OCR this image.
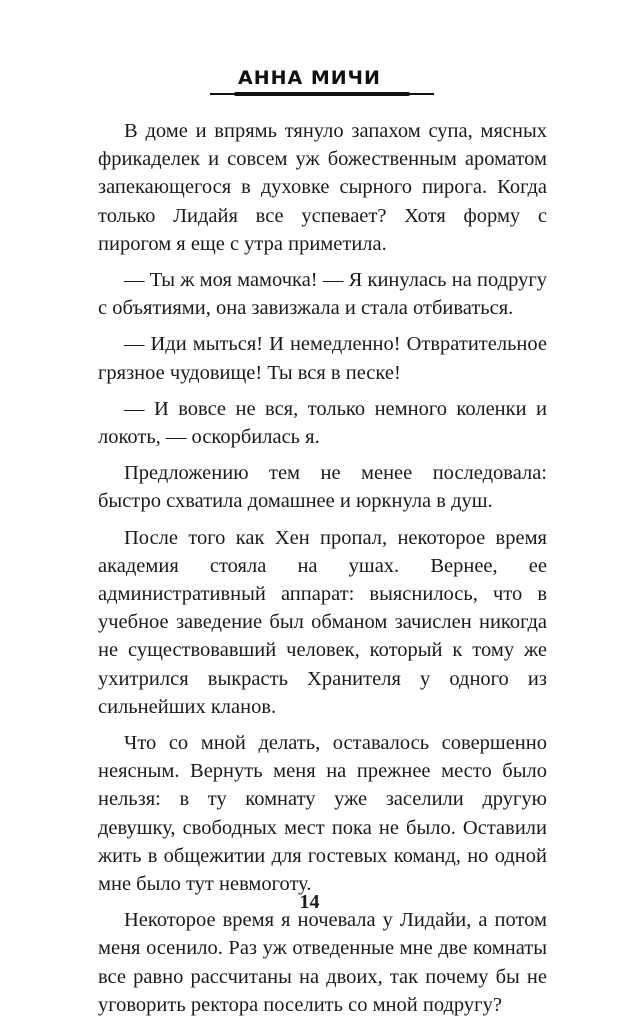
АННА МИЧИ

В доме и впрямь тянуло запахом супа, мясных фрикаделек и совсем уж божественным ароматом запекающегося в духовке сырного пирога. Когда только Лидайя все успевает? Хотя форму с пирогом я еще с утра приметила.

— Ты ж моя мамочка! — Я кинулась на подругу с объятиями, она завизжала и стала отбиваться.

— Иди мыться! И немедленно! Отвратительное грязное чудовище! Ты вся в песке!

— И вовсе не вся, только немного коленки и локоть, — оскорбилась я.

Предложению тем не менее последовала: быстро схватила домашнее и юркнула в душ.

После того как Хен пропал, некоторое время академия стояла на ушах. Вернее, ее административный аппарат: выяснилось, что в учебное заведение был обманом зачислен никогда не существовавший человек, который к тому же ухитрился выкрасть Хранителя у одного из сильнейших кланов.

Что со мной делать, оставалось совершенно неясным. Вернуть меня на прежнее место было нельзя: в ту комнату уже заселили другую девушку, свободных мест пока не было. Оставили жить в общежитии для гостевых команд, но одной мне было тут невмоготу.

Некоторое время я ночевала у Лидайи, а потом меня осенило. Раз уж отведенные мне две комнаты все равно рассчитаны на двоих, так почему бы не уговорить ректора поселить со мной подругу?

14
